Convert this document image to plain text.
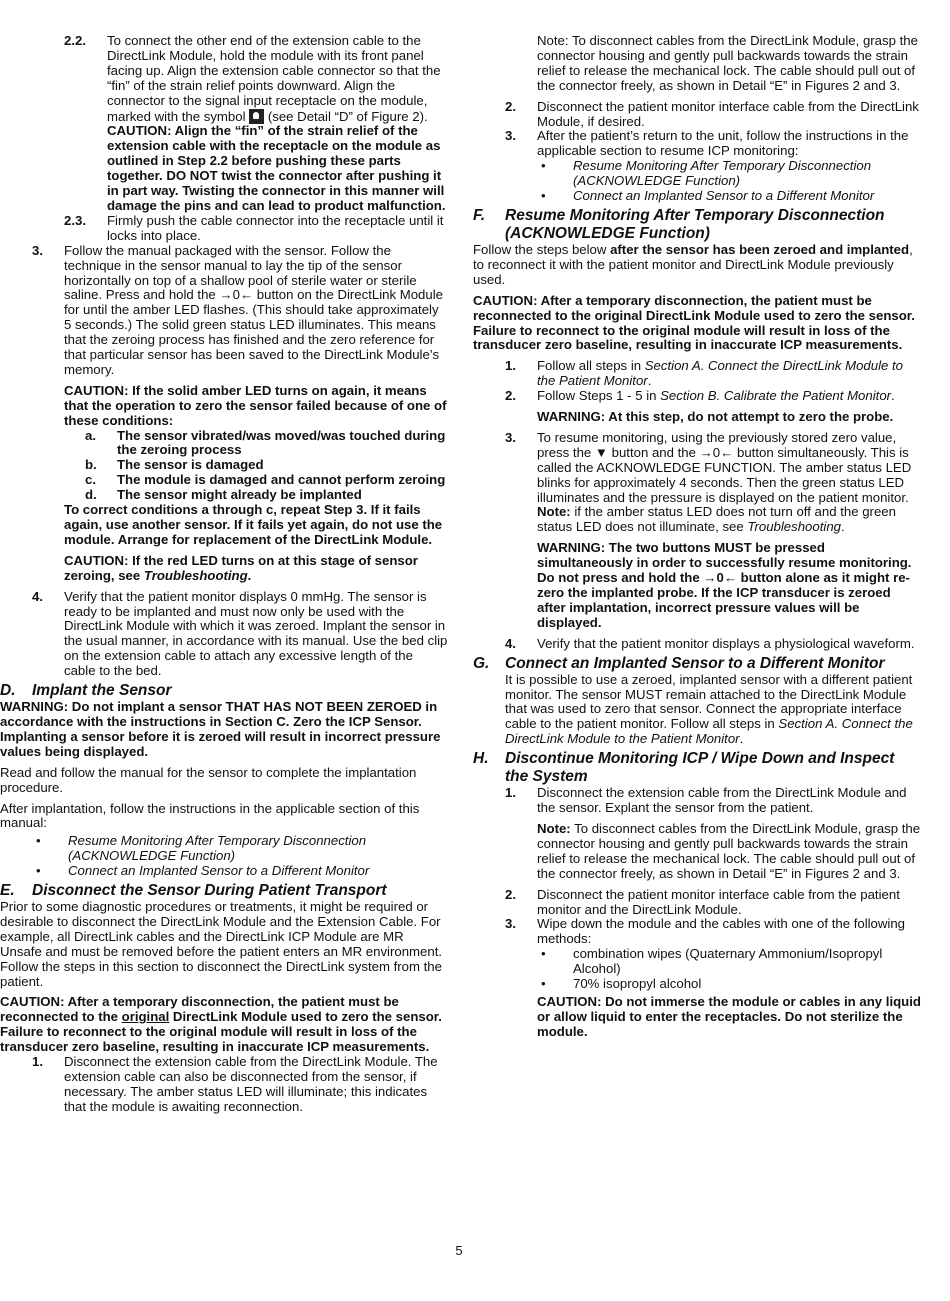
2.2.	To connect the other end of the extension cable to the DirectLink Module, hold the module with its front panel facing up. Align the extension cable connector so that the “fin” of the strain relief points downward. Align the connector to the signal input receptacle on the module, marked with the symbol  (see Detail “D” of Figure 2).

CAUTION: Align the “fin” of the strain relief of the extension cable with the receptacle on the module as outlined in Step 2.2 before pushing these parts together. DO NOT twist the connector after pushing it in part way. Twisting the connector in this manner will damage the pins and can lead to product malfunction.

2.3.	Firmly push the cable connector into the receptacle until it locks into place.

3.	Follow the manual packaged with the sensor. Follow the technique in the sensor manual to lay the tip of the sensor horizontally on top of a shallow pool of sterile water or sterile saline. Press and hold the →0← button on the DirectLink Module for until the amber LED flashes. (This should take approximately 5 seconds.) The solid green status LED illuminates. This means that the zeroing process has finished and the zero reference for that particular sensor has been saved to the DirectLink Module’s memory.

CAUTION: If the solid amber LED turns on again, it means that the operation to zero the sensor failed because of one of these conditions:

a.	The sensor vibrated/was moved/was touched during the zeroing process
b.	The sensor is damaged
c.	The module is damaged and cannot perform zeroing
d.	The sensor might already be implanted

To correct conditions a through c, repeat Step 3. If it fails again, use another sensor. If it fails yet again, do not use the module. Arrange for replacement of the DirectLink Module.

CAUTION: If the red LED turns on at this stage of sensor zeroing, see Troubleshooting.

4.	Verify that the patient monitor displays 0 mmHg. The sensor is ready to be implanted and must now only be used with the DirectLink Module with which it was zeroed. Implant the sensor in the usual manner, in accordance with its manual. Use the bed clip on the extension cable to attach any excessive length of the cable to the bed.

D.	Implant the Sensor

WARNING: Do not implant a sensor THAT HAS NOT BEEN ZEROED in accordance with the instructions in Section C. Zero the ICP Sensor. Implanting a sensor before it is zeroed will result in incorrect pressure values being displayed.

Read and follow the manual for the sensor to complete the implantation procedure.

After implantation, follow the instructions in the applicable section of this manual:

•	Resume Monitoring After Temporary Disconnection (ACKNOWLEDGE Function)
•	Connect an Implanted Sensor to a Different Monitor
E.	Disconnect the Sensor During Patient Transport

Prior to some diagnostic procedures or treatments, it might be required or desirable to disconnect the DirectLink Module and the Extension Cable. For example, all DirectLink cables and the DirectLink ICP Module are MR Unsafe and must be removed before the patient enters an MR environment. Follow the steps in this section to disconnect the DirectLink system from the patient.

CAUTION: After a temporary disconnection, the patient must be reconnected to the original DirectLink Module used to zero the sensor. Failure to reconnect to the original module will result in loss of the transducer zero baseline, resulting in inaccurate ICP measurements.

1.	Disconnect the extension cable from the DirectLink Module. The extension cable can also be disconnected from the sensor, if necessary. The amber status LED will illuminate; this indicates that the module is awaiting reconnection.

Note: To disconnect cables from the DirectLink Module, grasp the connector housing and gently pull backwards towards the strain relief to release the mechanical lock. The cable should pull out of the connector freely, as shown in Detail “E” in Figures 2 and 3.

2.	Disconnect the patient monitor interface cable from the DirectLink Module, if desired.

3.	After the patient’s return to the unit, follow the instructions in the applicable section to resume ICP monitoring:

•	Resume Monitoring After Temporary Disconnection (ACKNOWLEDGE Function)
•	Connect an Implanted Sensor to a Different Monitor
F.	Resume Monitoring After Temporary Disconnection (ACKNOWLEDGE Function)

Follow the steps below after the sensor has been zeroed and implanted, to reconnect it with the patient monitor and DirectLink Module previously used.

CAUTION: After a temporary disconnection, the patient must be reconnected to the original DirectLink Module used to zero the sensor. Failure to reconnect to the original module will result in loss of the transducer zero baseline, resulting in inaccurate ICP measurements.

1.	Follow all steps in Section A. Connect the DirectLink Module to the Patient Monitor.

2.	Follow Steps 1 - 5 in Section B. Calibrate the Patient Monitor.

WARNING: At this step, do not attempt to zero the probe.

3.	To resume monitoring, using the previously stored zero value, press the ▼ button and the →0← button simultaneously. This is called the ACKNOWLEDGE FUNCTION. The amber status LED blinks for approximately 4 seconds. Then the green status LED illuminates and the pressure is displayed on the patient monitor.

Note: if the amber status LED does not turn off and the green status LED does not illuminate, see Troubleshooting.

WARNING: The two buttons MUST be pressed simultaneously in order to successfully resume monitoring. Do not press and hold the →0← button alone as it might re-zero the implanted probe. If the ICP transducer is zeroed after implantation, incorrect pressure values will be displayed.

4.	Verify that the patient monitor displays a physiological waveform.

G.	Connect an Implanted Sensor to a Different Monitor

It is possible to use a zeroed, implanted sensor with a different patient monitor. The sensor MUST remain attached to the DirectLink Module that was used to zero that sensor. Connect the appropriate interface cable to the patient monitor. Follow all steps in Section A. Connect the DirectLink Module to the Patient Monitor.

H.	Discontinue Monitoring ICP / Wipe Down and Inspect the System
1.	Disconnect the extension cable from the DirectLink Module and the sensor. Explant the sensor from the patient.

Note: To disconnect cables from the DirectLink Module, grasp the connector housing and gently pull backwards towards the strain relief to release the mechanical lock. The cable should pull out of the connector freely, as shown in Detail “E” in Figures 2 and 3.

2.	Disconnect the patient monitor interface cable from the patient monitor and the DirectLink Module.

3.	Wipe down the module and the cables with one of the following methods:

•	combination wipes (Quaternary Ammonium/Isopropyl Alcohol)
•	70% isopropyl alcohol

CAUTION: Do not immerse the module or cables in any liquid or allow liquid to enter the receptacles. Do not sterilize the module.

5
